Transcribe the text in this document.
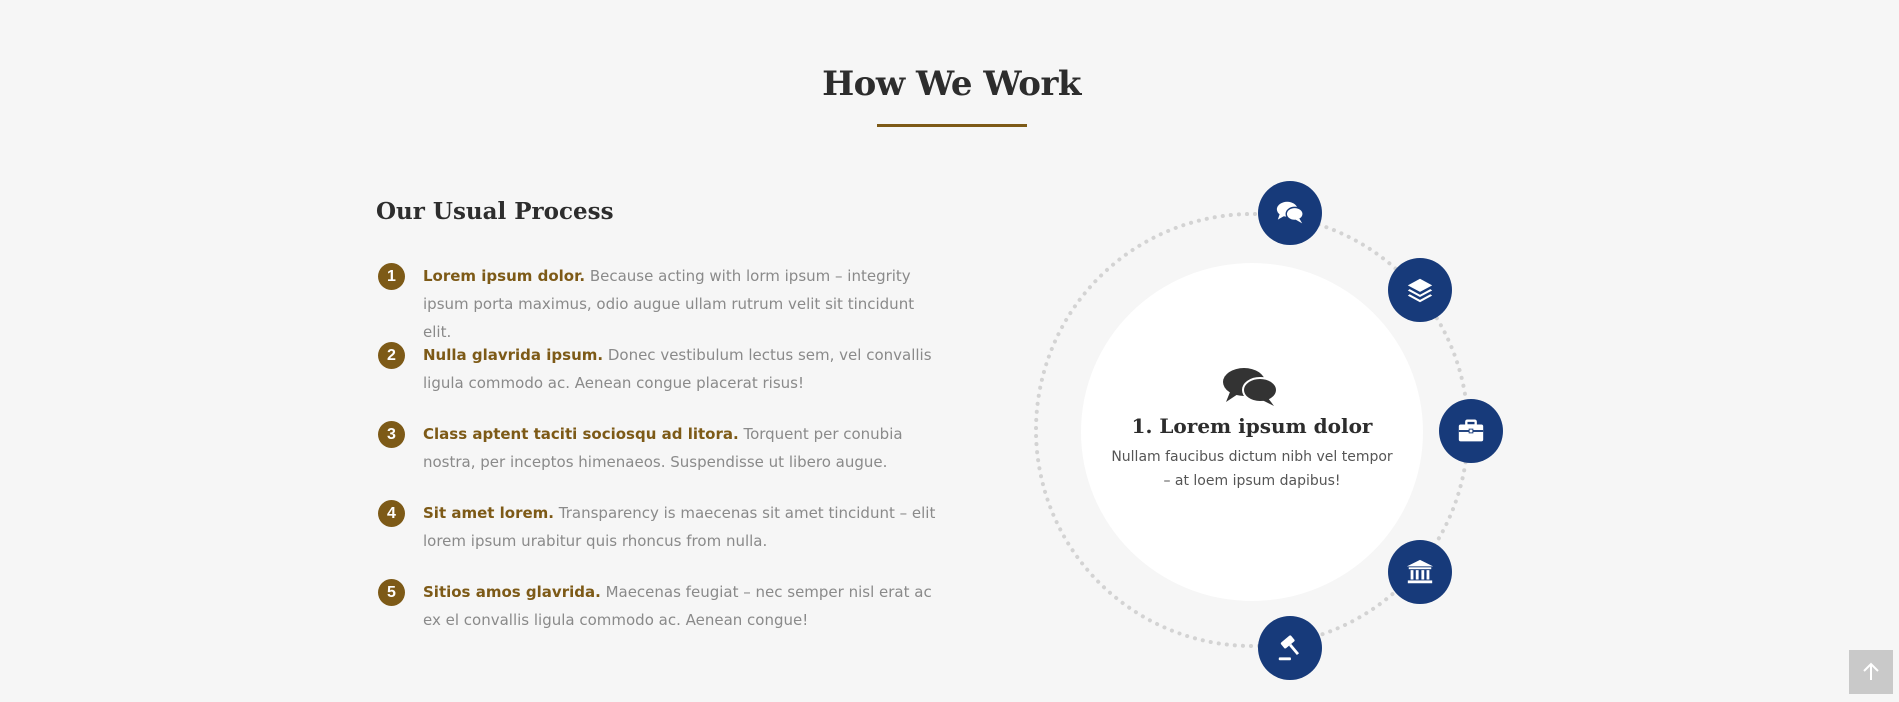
How We Work
Our Usual Process
1	Lorem ipsum dolor. Because acting with lorm ipsum – integrity ipsum porta maximus, odio augue ullam rutrum velit sit tincidunt elit.

2	Nulla glavrida ipsum. Donec vestibulum lectus sem, vel convallis ligula commodo ac. Aenean congue placerat risus!

3	Class aptent taciti sociosqu ad litora. Torquent per conubia nostra, per inceptos himenaeos. Suspendisse ut libero augue.

4	Sit amet lorem. Transparency is maecenas sit amet tincidunt – elit lorem ipsum urabitur quis rhoncus from nulla.

5	Sitios amos glavrida. Maecenas feugiat – nec semper nisl erat ac ex el convallis ligula commodo ac. Aenean congue!

1. Lorem ipsum dolor

Nullam faucibus dictum nibh vel tempor – at loem ipsum dapibus!
